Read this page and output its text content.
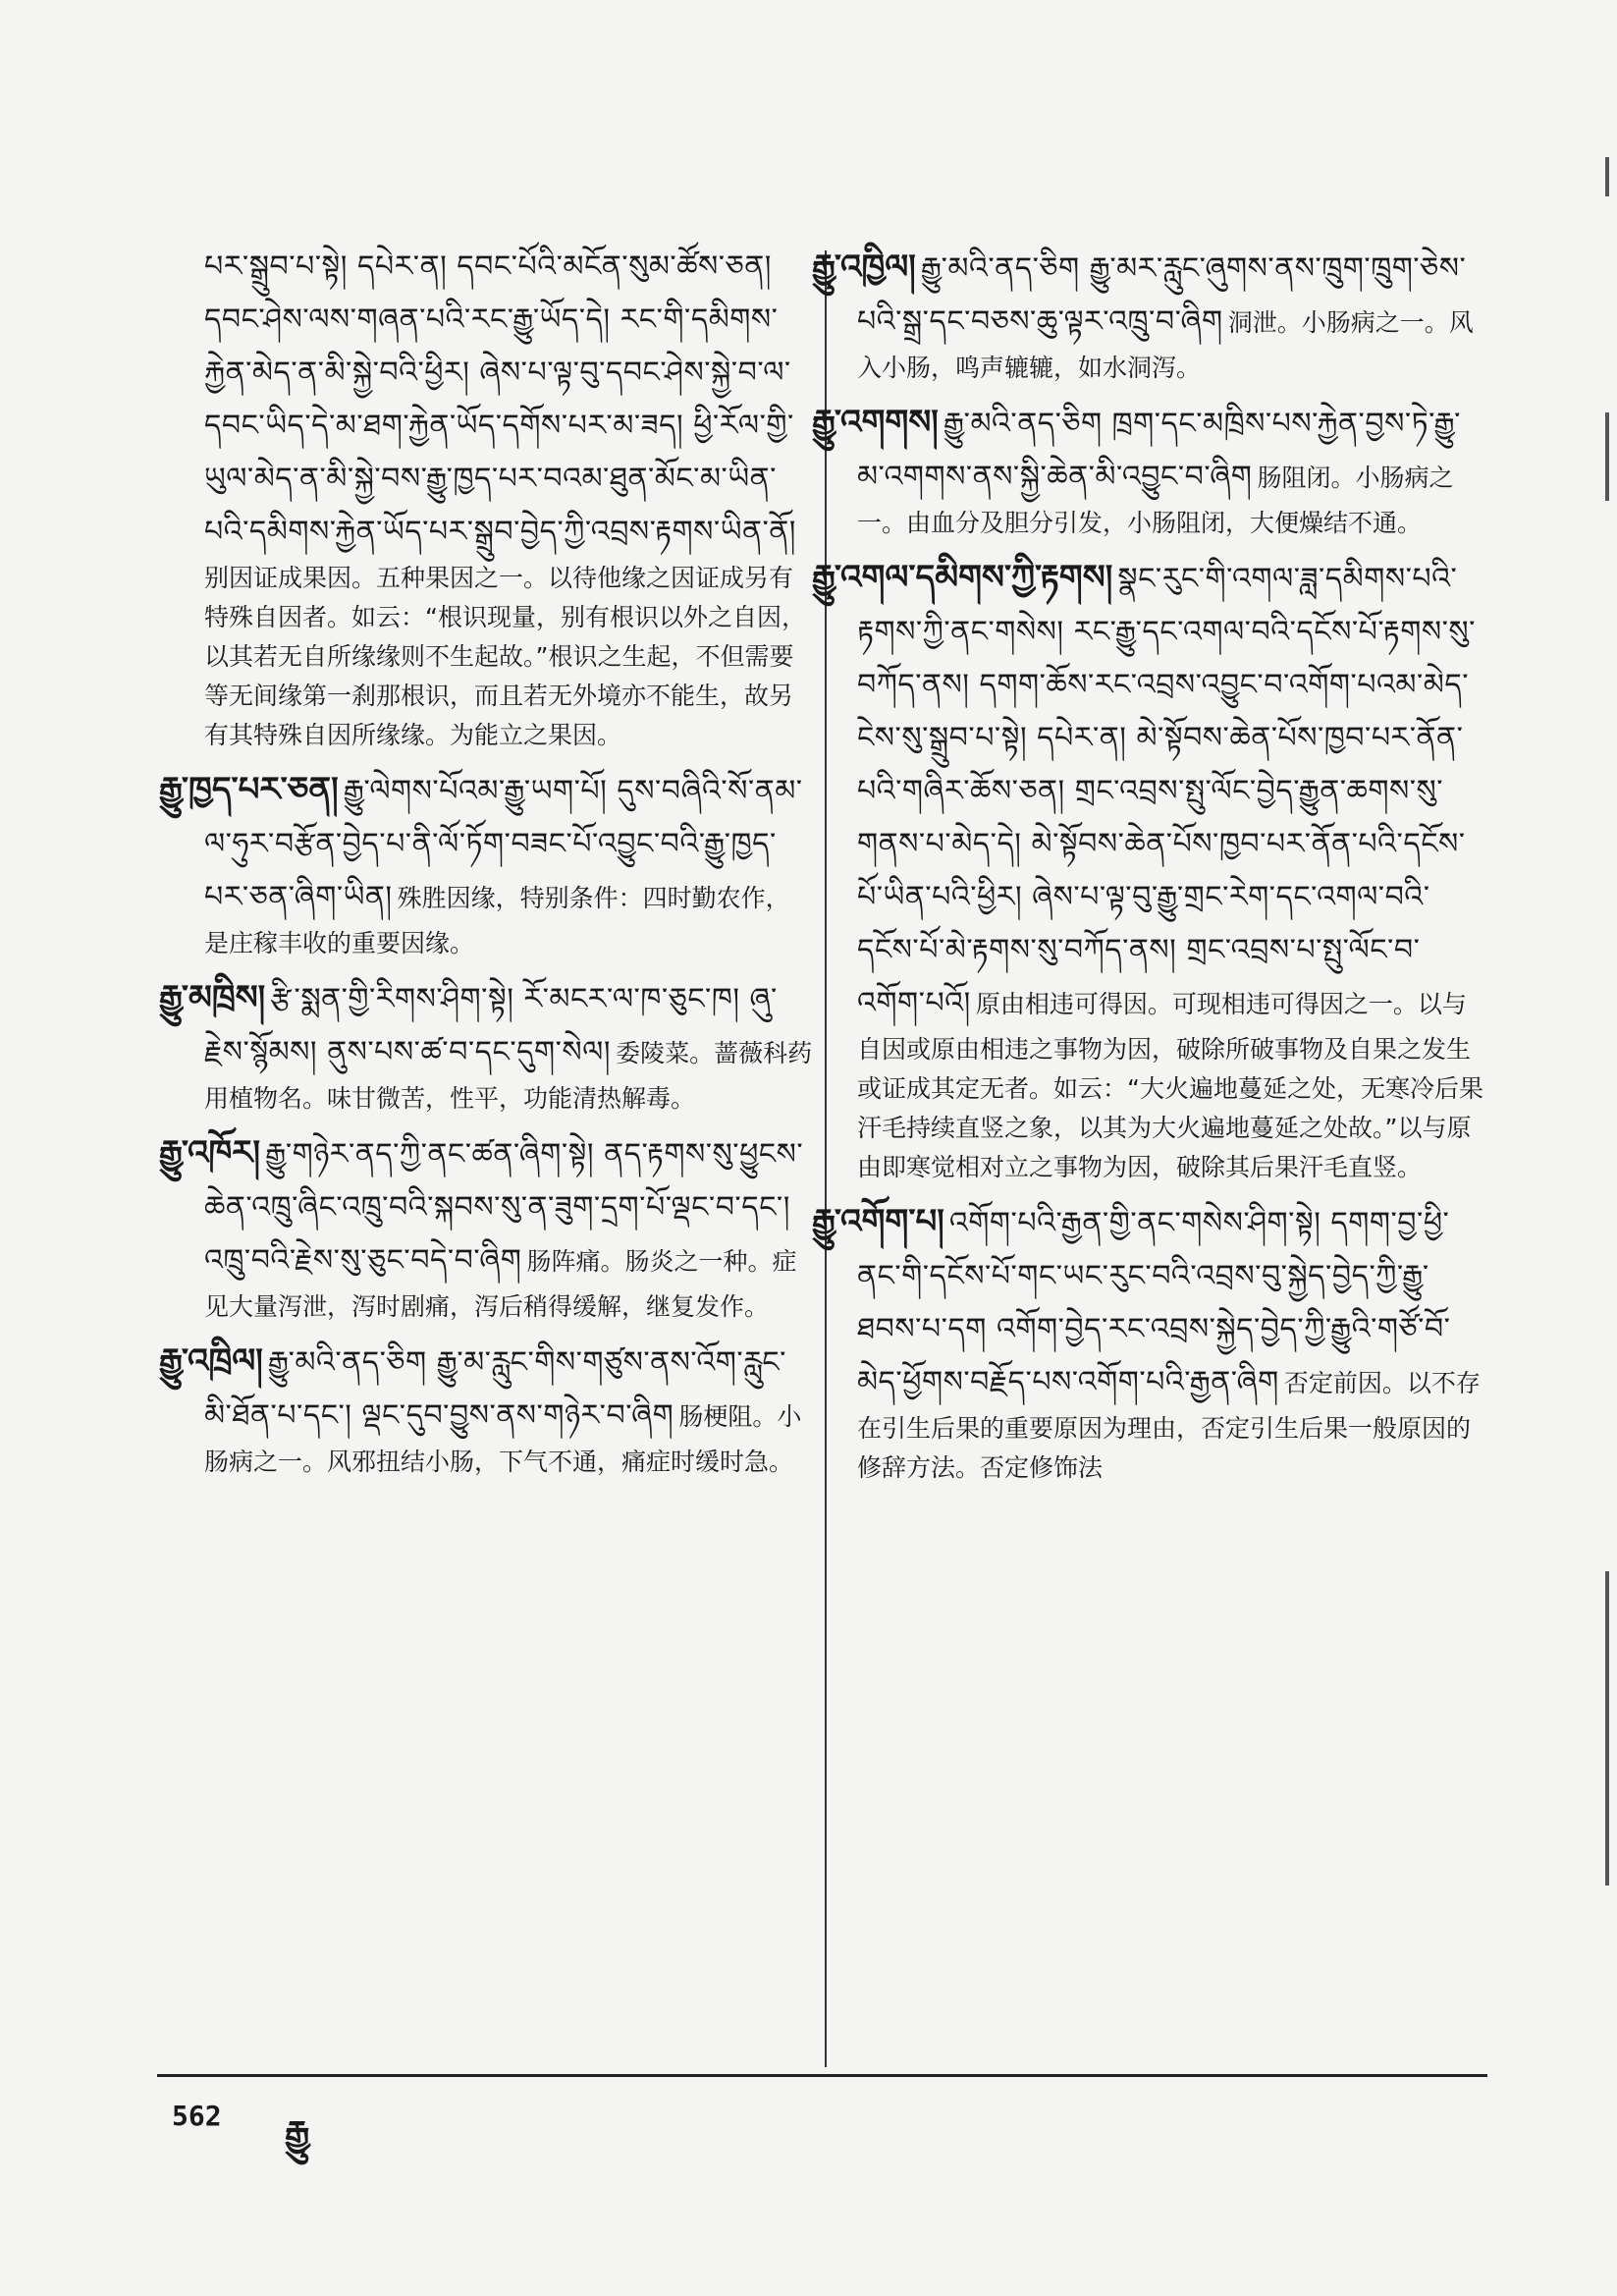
པར་སྒྲུབ་པ་སྟེ། དཔེར་ན། དབང་པོའི་མངོན་སུམ་ཚོས་ཅན། དབང་ཤེས་ལས་གཞན་པའི་རང་རྒྱུ་ཡོད་དེ། རང་གི་དམིགས་རྐྱེན་མེད་ན་མི་སྐྱེ་བའི་ཕྱིར། ཞེས་པ་ལྟ་བུ་དབང་ཤེས་སྐྱེ་བ་ལ་དབང་ཡིད་དེ་མ་ཐག་རྐྱེན་ཡོད་དགོས་པར་མ་ཟད། ཕྱི་རོལ་གྱི་ཡུལ་མེད་ན་མི་སྐྱེ་བས་རྒྱུ་ཁྱད་པར་བའམ་ཐུན་མོང་མ་ཡིན་པའི་དམིགས་རྐྱེན་ཡོད་པར་སྒྲུབ་བྱེད་ཀྱི་འབྲས་རྟགས་ཡིན་ནོ། 别因证成果因。五种果因之一。以待他缘之因证成另有特殊自因者。如云：“根识现量，别有根识以外之自因，以其若无自所缘缘则不生起故。”根识之生起，不但需要等无间缘第一刹那根识，而且若无外境亦不能生，故另有其特殊自因所缘缘。为能立之果因。

རྒྱུ་ཁྱད་པར་ཅན། རྒྱུ་ལེགས་པོའམ་རྒྱུ་ཡག་པོ། དུས་བཞིའི་སོ་ནམ་ལ་ཧུར་བརྩོན་བྱེད་པ་ནི་ལོ་ཏོག་བཟང་པོ་འབྱུང་བའི་རྒྱུ་ཁྱད་པར་ཅན་ཞིག་ཡིན། 殊胜因缘，特别条件：四时勤农作，是庄稼丰收的重要因缘。

རྒྱུ་མཁྲིས། རྩི་སྨན་གྱི་རིགས་ཤིག་སྟེ། རོ་མངར་ལ་ཁ་ཅུང་ཁ། ཞུ་རྗེས་སྙོམས། ནུས་པས་ཚ་བ་དང་དུག་སེལ། 委陵菜。蔷薇科药用植物名。味甘微苦，性平，功能清热解毒。

རྒྱུ་འཁོར། རྒྱུ་གཉེར་ནད་ཀྱི་ནང་ཚན་ཞིག་སྟེ། ནད་རྟགས་སུ་ཕྱུངས་ཆེན་འཁྲུ་ཞིང་འཁྲུ་བའི་སྐབས་སུ་ན་ཟུག་དྲག་པོ་ལྡང་བ་དང་། འཁྲུ་བའི་རྗེས་སུ་ཅུང་བདེ་བ་ཞིག 肠阵痛。肠炎之一种。症见大量泻泄，泻时剧痛，泻后稍得缓解，继复发作。

རྒྱུ་འཁྲིལ། རྒྱུ་མའི་ནད་ཅིག རྒྱུ་མ་རླུང་གིས་གཙུས་ནས་འོག་རླུང་མི་ཐོན་པ་དང་། ལྡང་དུབ་བྱུས་ནས་གཉེར་བ་ཞིག 肠梗阻。小肠病之一。风邪扭结小肠，下气不通，痛症时缓时急。

རྒྱུ་འཁྱིལ། རྒྱུ་མའི་ནད་ཅིག རྒྱུ་མར་རླུང་ཞུགས་ནས་ཁྲུག་ཁྲུག་ཅེས་པའི་སྒྲ་དང་བཅས་ཆུ་ལྟར་འཁྲུ་བ་ཞིག 洞泄。小肠病之一。风入小肠，鸣声辘辘，如水洞泻。

རྒྱུ་འགགས། རྒྱུ་མའི་ནད་ཅིག ཁྲག་དང་མཁྲིས་པས་རྐྱེན་བྱས་ཏེ་རྒྱུ་མ་འགགས་ནས་སྐྱི་ཆེན་མི་འབྱུང་བ་ཞིག 肠阻闭。小肠病之一。由血分及胆分引发，小肠阻闭，大便燥结不通。

རྒྱུ་འགལ་དམིགས་ཀྱི་རྟགས། སྣང་རུང་གི་འགལ་ཟླ་དམིགས་པའི་རྟགས་ཀྱི་ནང་གསེས། རང་རྒྱུ་དང་འགལ་བའི་དངོས་པོ་རྟགས་སུ་བཀོད་ནས། དགག་ཆོས་རང་འབྲས་འབྱུང་བ་འགོག་པའམ་མེད་ངེས་སུ་སྒྲུབ་པ་སྟེ། དཔེར་ན། མེ་སྟོབས་ཆེན་པོས་ཁྱབ་པར་ནོན་པའི་གཞིར་ཆོས་ཅན། གྲང་འབྲས་སྤུ་ལོང་བྱེད་རྒྱུན་ཆགས་སུ་གནས་པ་མེད་དེ། མེ་སྟོབས་ཆེན་པོས་ཁྱབ་པར་ནོན་པའི་དངོས་པོ་ཡིན་པའི་ཕྱིར། ཞེས་པ་ལྟ་བུ་རྒྱུ་གྲང་རེག་དང་འགལ་བའི་དངོས་པོ་མེ་རྟགས་སུ་བཀོད་ནས། གྲང་འབྲས་པ་སྤུ་ལོང་བ་འགོག་པའོ། 原由相违可得因。可现相违可得因之一。以与自因或原由相违之事物为因，破除所破事物及自果之发生或证成其定无者。如云：“大火遍地蔓延之处，无寒冷后果汗毛持续直竖之象，以其为大火遍地蔓延之处故。”以与原由即寒觉相对立之事物为因，破除其后果汗毛直竖。

རྒྱུ་འགོག་པ། འགོག་པའི་རྒྱན་གྱི་ནང་གསེས་ཤིག་སྟེ། དགག་བྱ་ཕྱི་ནང་གི་དངོས་པོ་གང་ཡང་རུང་བའི་འབྲས་བུ་སྐྱེད་བྱེད་ཀྱི་རྒྱུ་ཐབས་པ་དག འགོག་བྱེད་རང་འབྲས་སྐྱེད་བྱེད་ཀྱི་རྒྱུའི་གཙོ་བོ་མེད་ཕྱོགས་བརྗོད་པས་འགོག་པའི་རྒྱན་ཞིག 否定前因。以不存在引生后果的重要原因为理由，否定引生后果一般原因的修辞方法。否定修饰法

562 རྒྱུ
